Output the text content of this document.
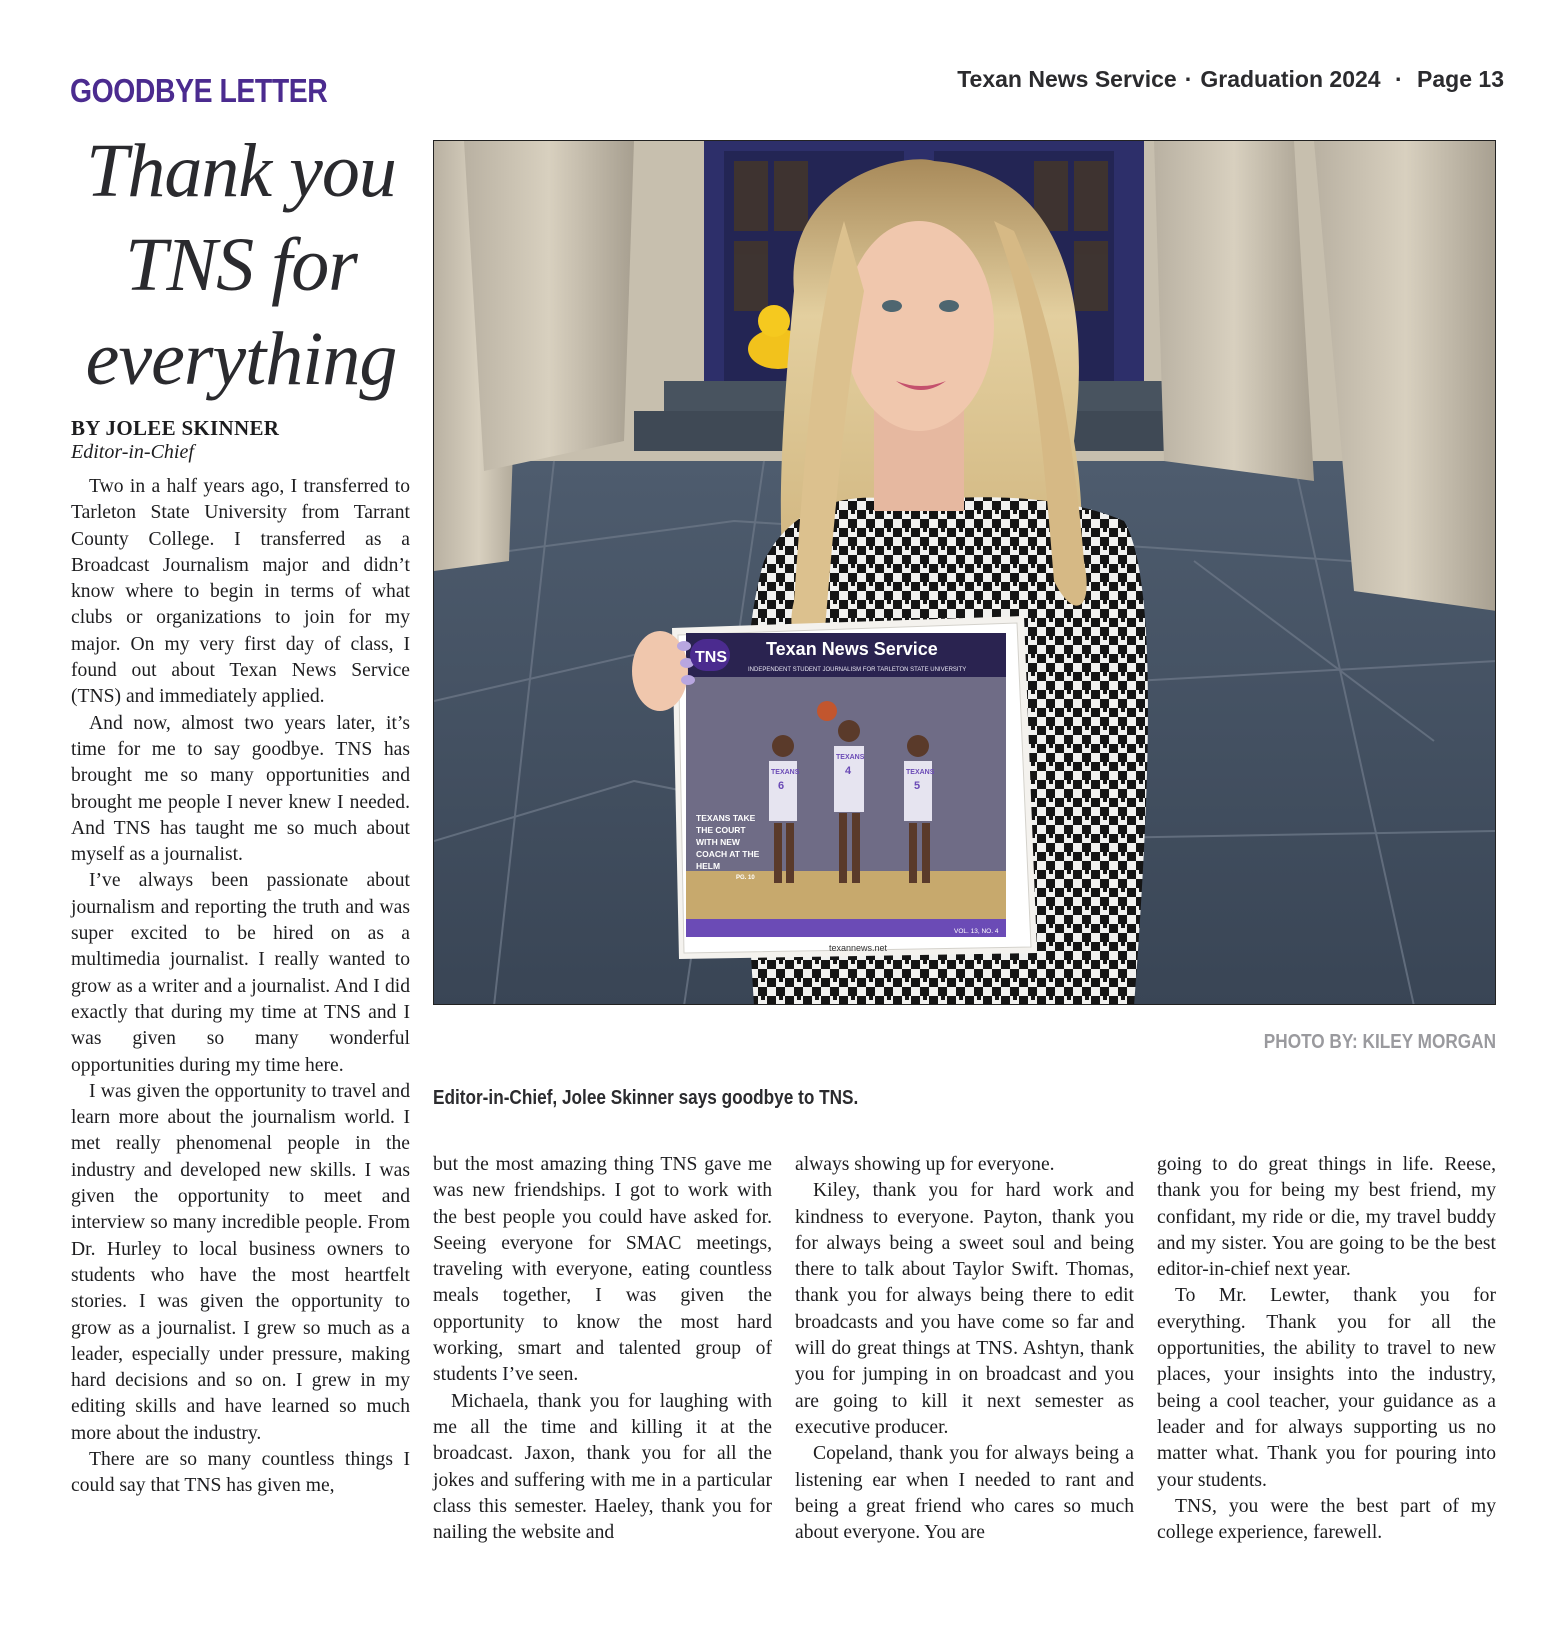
GOODBYE LETTER	Texan News Service · Graduation 2024 · Page 13
Thank you
TNS for
everything
BY JOLEE SKINNER
Editor-in-Chief

Two in a half years ago, I transferred to Tarleton State University from Tarrant County College. I transferred as a Broadcast Journalism major and didn’t know where to begin in terms of what clubs or organizations to join for my major. On my very first day of class, I found out about Texan News Service (TNS) and immediately applied.

And now, almost two years later, it’s time for me to say goodbye. TNS has brought me so many opportunities and brought me people I never knew I needed. And TNS has taught me so much about myself as a journalist.

I’ve always been passionate about journalism and reporting the truth and was super excited to be hired on as a multimedia journalist. I really wanted to grow as a writer and a journalist. And I did exactly that during my time at TNS and I was given so many wonderful opportunities during my time here.

I was given the opportunity to travel and learn more about the journalism world. I met really phenomenal people in the industry and developed new skills. I was given the opportunity to meet and interview so many incredible people. From Dr. Hurley to local business owners to students who have the most heartfelt stories. I was given the opportunity to grow as a journalist. I grew so much as a leader, especially under pressure, making hard decisions and so on. I grew in my editing skills and have learned so much more about the industry.

There are so many countless things I could say that TNS has given me,

TNS Texan News Service
INDEPENDENT STUDENT JOURNALISM FOR TARLETON STATE UNIVERSITY
TEXANS TAKE
THE COURT
WITH NEW
COACH AT THE
HELM
PG. 10
TEXANS
TEXANS
TEXANS
6
4
5
texannews.net
VOL. 13, NO. 4
PHOTO BY: KILEY MORGAN
Editor-in-Chief, Jolee Skinner says goodbye to TNS.

but the most amazing thing TNS gave me was new friendships. I got to work with the best people you could have asked for. Seeing everyone for SMAC meetings, traveling with everyone, eating countless meals together, I was given the opportunity to know the most hard working, smart and talented group of students I’ve seen.

Michaela, thank you for laughing with me all the time and killing it at the broadcast. Jaxon, thank you for all the jokes and suffering with me in a particular class this semester. Haeley, thank you for nailing the website and

always showing up for everyone.

Kiley, thank you for hard work and kindness to everyone. Payton, thank you for always being a sweet soul and being there to talk about Taylor Swift. Thomas, thank you for always being there to edit broadcasts and you have come so far and will do great things at TNS. Ashtyn, thank you for jumping in on broadcast and you are going to kill it next semester as executive producer.

Copeland, thank you for always being a listening ear when I needed to rant and being a great friend who cares so much about everyone. You are

going to do great things in life. Reese, thank you for being my best friend, my confidant, my ride or die, my travel buddy and my sister. You are going to be the best editor-in-chief next year.

To Mr. Lewter, thank you for everything. Thank you for all the opportunities, the ability to travel to new places, your insights into the industry, being a cool teacher, your guidance as a leader and for always supporting us no matter what. Thank you for pouring into your students.

TNS, you were the best part of my college experience, farewell.
